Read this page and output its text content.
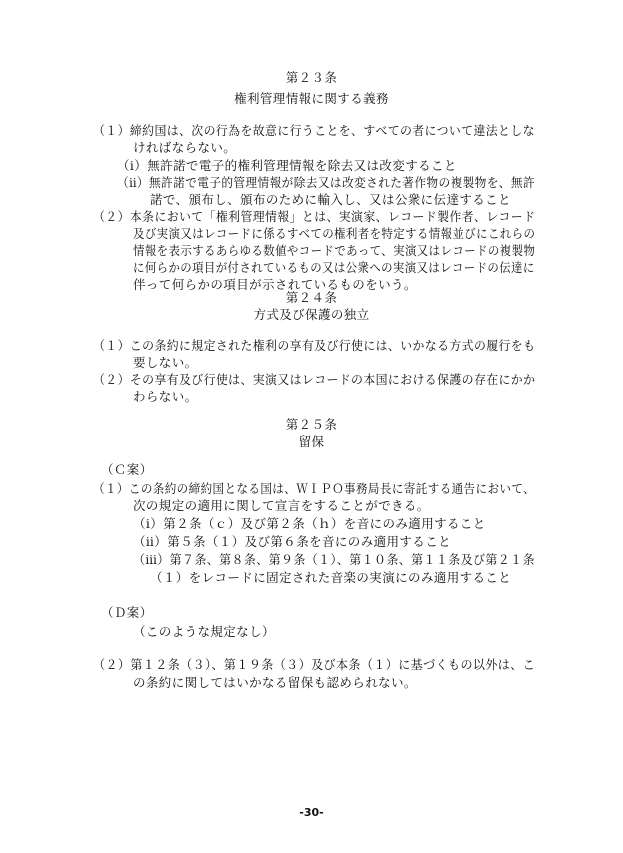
第２３条
権利管理情報に関する義務
（１）締約国は、次の行為を故意に行うことを、すべての者について違法としな
ければならない。
（ⅰ）無許諾で電子的権利管理情報を除去又は改変すること
（ⅱ）無許諾で電子的管理情報が除去又は改変された著作物の複製物を、無許
諾で、頒布し、頒布のために輸入し、又は公衆に伝達すること
（２）本条において「権利管理情報」とは、実演家、レコード製作者、レコード
及び実演又はレコードに係るすべての権利者を特定する情報並びにこれらの
情報を表示するあらゆる数値やコードであって、実演又はレコードの複製物
に何らかの項目が付されているもの又は公衆への実演又はレコードの伝達に
伴って何らかの項目が示されているものをいう。
第２４条
方式及び保護の独立
（１）この条約に規定された権利の享有及び行使には、いかなる方式の履行をも
要しない。
（２）その享有及び行使は、実演又はレコードの本国における保護の存在にかか
わらない。
第２５条
留保
（Ｃ案）
（１）この条約の締約国となる国は、ＷＩＰＯ事務局長に寄託する通告において、
次の規定の適用に関して宣言をすることができる。
（ⅰ）第２条（ｃ）及び第２条（ｈ）を音にのみ適用すること
（ⅱ）第５条（１）及び第６条を音にのみ適用すること
（ⅲ）第７条、第８条、第９条（１）、第１０条、第１１条及び第２１条
（１）をレコードに固定された音楽の実演にのみ適用すること
（Ｄ案）
（このような規定なし）
（２）第１２条（３）、第１９条（３）及び本条（１）に基づくもの以外は、こ
の条約に関してはいかなる留保も認められない。
-30-
